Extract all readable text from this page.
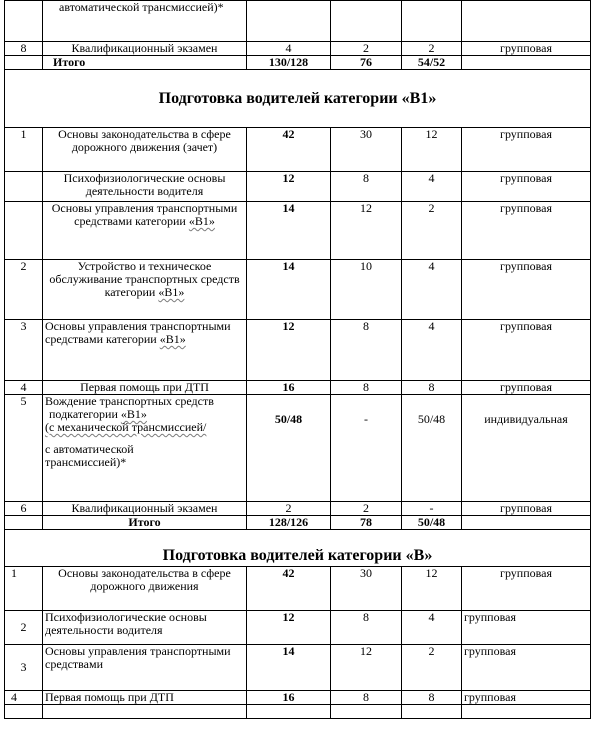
	автоматической трансмиссией)*				
8	Квалификационный экзамен	4	2	2	групповая
	Итого	130/128	76	54/52	
Подготовка водителей категории «В1»					
1	Основы законодательства в сфере дорожного движения (зачет)	42	30	12	групповая
	Психофизиологические основы деятельности водителя	12	8	4	групповая
	Основы управления транспортными средствами категории «В1»	14	12	2	групповая
2	Устройство и техническое обслуживание транспортных средств категории «В1»	14	10	4	групповая
3	Основы управления транспортными средствами категории «В1»	12	8	4	групповая
4	Первая помощь при ДТП	16	8	8	групповая
5	Вождение транспортных средств
подкатегории «В1»
(с механической трансмиссией/
с автоматической
трансмиссией)*	50/48	-	50/48	индивидуальная
6	Квалификационный экзамен	2	2	-	групповая
	Итого	128/126	78	50/48	
Подготовка водителей категории «В»					
1	Основы законодательства в сфере дорожного движения	42	30	12	групповая
2	Психофизиологические основы деятельности водителя	12	8	4	групповая
3	Основы управления транспортными средствами	14	12	2	групповая
4	Первая помощь при ДТП	16	8	8	групповая
